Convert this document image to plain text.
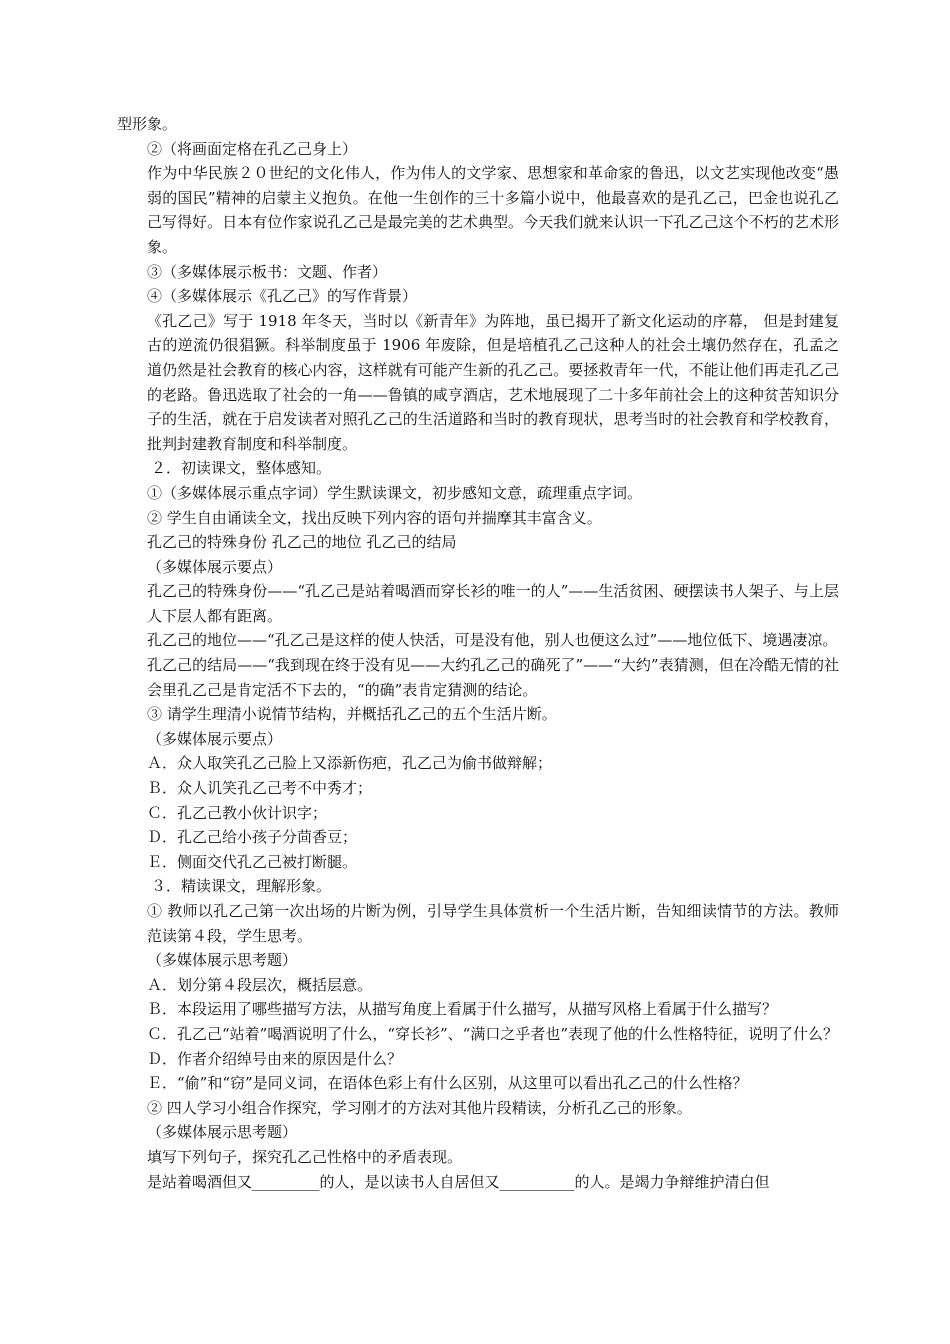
型形象。

②（将画面定格在孔乙己身上）

作为中华民族２０世纪的文化伟人，作为伟人的文学家、思想家和革命家的鲁迅，以文艺实现他改变“愚弱的国民”精神的启蒙主义抱负。在他一生创作的三十多篇小说中，他最喜欢的是孔乙己，巴金也说孔乙己写得好。日本有位作家说孔乙己是最完美的艺术典型。今天我们就来认识一下孔乙己这个不朽的艺术形象。

③（多媒体展示板书：文题、作者）

④（多媒体展示《孔乙己》的写作背景）

《孔乙己》写于 1918 年冬天，当时以《新青年》为阵地，虽已揭开了新文化运动的序幕， 但是封建复古的逆流仍很猖獗。科举制度虽于 1906 年废除，但是培植孔乙己这种人的社会土壤仍然存在，孔孟之道仍然是社会教育的核心内容，这样就有可能产生新的孔乙己。要拯救青年一代，不能让他们再走孔乙己的老路。鲁迅选取了社会的一角——鲁镇的咸亨酒店，艺术地展现了二十多年前社会上的这种贫苦知识分子的生活，就在于启发读者对照孔乙己的生活道路和当时的教育现状，思考当时的社会教育和学校教育，批判封建教育制度和科举制度。

２．初读课文，整体感知。

①（多媒体展示重点字词）学生默读课文，初步感知文意，疏理重点字词。

② 学生自由诵读全文，找出反映下列内容的语句并揣摩其丰富含义。

孔乙己的特殊身份 孔乙己的地位 孔乙己的结局

（多媒体展示要点）

孔乙己的特殊身份——“孔乙己是站着喝酒而穿长衫的唯一的人”——生活贫困、硬摆读书人架子、与上层人下层人都有距离。

孔乙己的地位——“孔乙己是这样的使人快活，可是没有他，别人也便这么过”——地位低下、境遇凄凉。

孔乙己的结局——“我到现在终于没有见——大约孔乙己的确死了”——“大约”表猜测，但在冷酷无情的社会里孔乙己是肯定活不下去的，“的确”表肯定猜测的结论。

③ 请学生理清小说情节结构，并概括孔乙己的五个生活片断。

（多媒体展示要点）

Ａ．众人取笑孔乙己脸上又添新伤疤，孔乙己为偷书做辩解；

Ｂ．众人讥笑孔乙己考不中秀才；

Ｃ．孔乙己教小伙计识字；

Ｄ．孔乙己给小孩子分茴香豆；

Ｅ．侧面交代孔乙己被打断腿。

３．精读课文，理解形象。

① 教师以孔乙己第一次出场的片断为例，引导学生具体赏析一个生活片断，告知细读情节的方法。教师范读第４段，学生思考。

（多媒体展示思考题）

Ａ．划分第４段层次，概括层意。

Ｂ．本段运用了哪些描写方法，从描写角度上看属于什么描写，从描写风格上看属于什么描写？

Ｃ．孔乙己“站着”喝酒说明了什么，“穿长衫”、“满口之乎者也”表现了他的什么性格特征，说明了什么？

Ｄ．作者介绍绰号由来的原因是什么？

Ｅ．“偷”和“窃”是同义词，在语体色彩上有什么区别，从这里可以看出孔乙己的什么性格？

② 四人学习小组合作探究，学习刚才的方法对其他片段精读，分析孔乙己的形象。

（多媒体展示思考题）

填写下列句子，探究孔乙己性格中的矛盾表现。

是站着喝酒但又_________的人，是以读书人自居但又__________的人。是竭力争辩维护清白但
